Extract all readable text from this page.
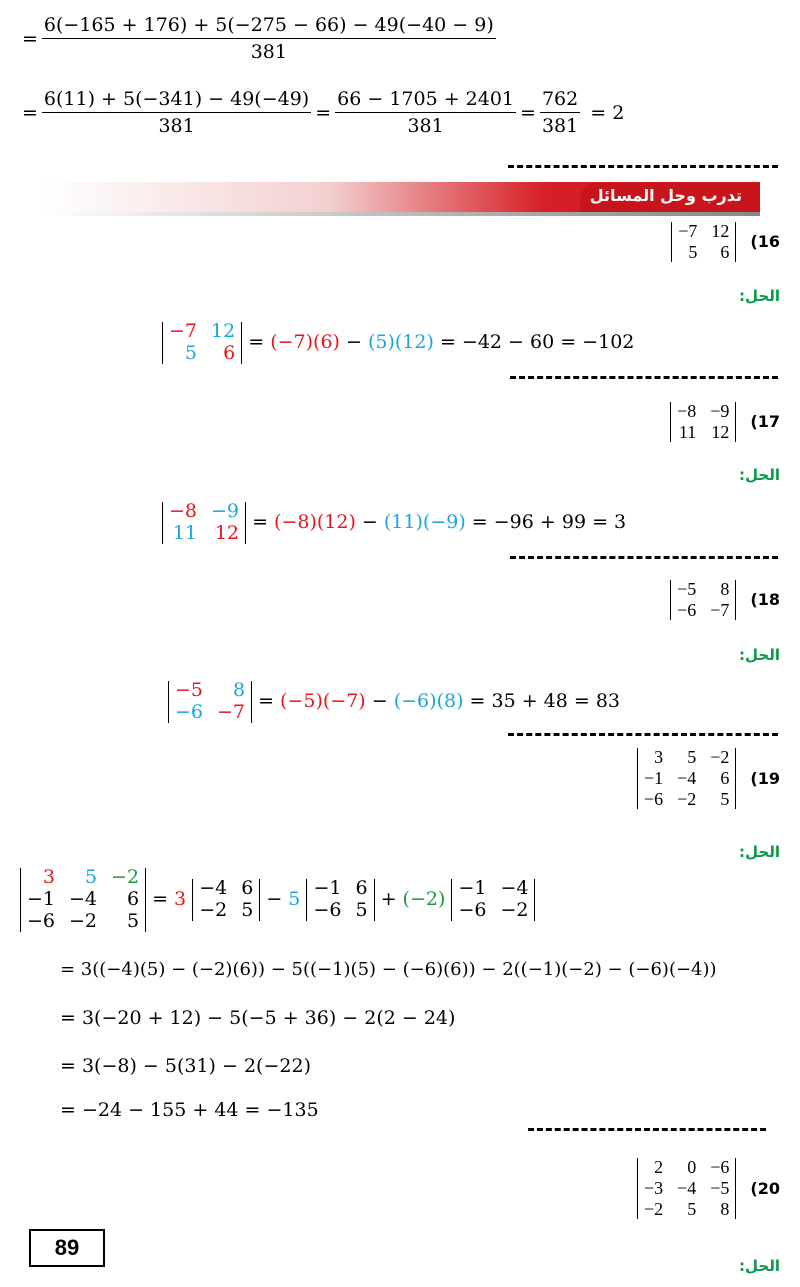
= $\frac{6(-165 + 176) + 5(-275 - 66) - 49(-40 - 9)}{381}$
= $\frac{6(11) + 5(-341) - 49(-49)}{381} = \frac{66 - 1705 + 2401}{381} = \frac{762}{381} = 2$
تدرب وحل المسائل
−7 12
5	6 (16
الحل:
−7 12
5	6 = (−7) (6) − (5) (12)
= −42 − 60 = −102
−8 −9
11 12 (17
الحل:
−8 −9
11 12 = (−8) (12) − (11) (−9)
= −96 + 99 = 3
−5	8
−6 −7 (18
الحل:
−5	8
−6 −7 = (−5) (−7) − (−6) (8)
= 35 + 48 = 83
3	5 −2
−1 −4	6
−6 −2	5
(19
الحل:
3	5 −2
−1 −4	6
−6 −2	5
= 3

−4 6
−2 5 − 5

−1 6
−6 5 + (−2)

−1 −4
−6 −2
= 3((−4)(5) − (−2)(6)) − 5((−1)(5) − (−6)(6)) − 2((−1)(−2) − (−6)(−4))
= 3(−20 + 12) − 5(−5 + 36) − 2(2 − 24)
= 3(−8) − 5(31) − 2(−22)
= −24 − 155 + 44 = −135
2	0 −6
−3 −4 −5
−2	5	8
(20
الحل:
89
